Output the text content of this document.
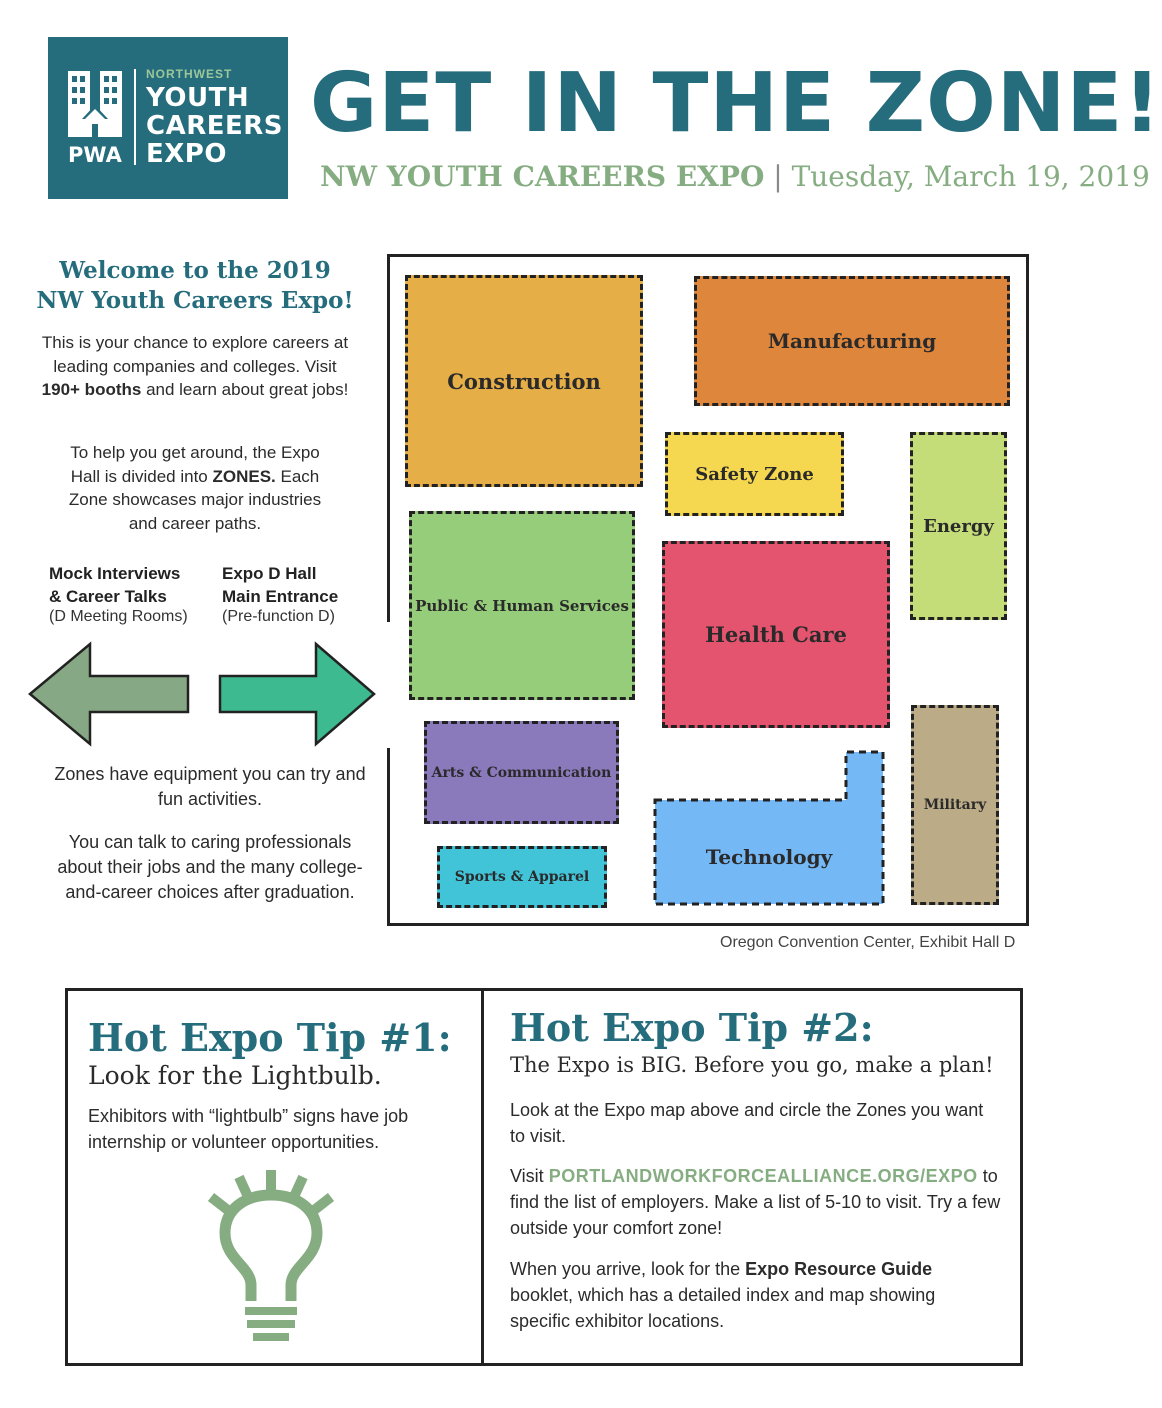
PWA
NORTHWEST
YOUTH
CAREERS
EXPO
GET IN THE ZONE!
NW YOUTH CAREERS EXPO | Tuesday, March 19, 2019
Welcome to the 2019
NW Youth Careers Expo!
This is your chance to explore careers at leading companies and colleges. Visit 190+ booths and learn about great jobs!
To help you get around, the Expo Hall is divided into ZONES. Each Zone showcases major industries and career paths.
Mock Interviews
& Career Talks
(D Meeting Rooms)
Expo D Hall
Main Entrance
(Pre-function D)
Zones have equipment you can try and fun activities.
You can talk to caring professionals about their jobs and the many college-and-career choices after graduation.
Construction
Manufacturing
Safety Zone
Energy
Public & Human Services
Health Care
Arts & Communication
Military
Technology
Sports & Apparel
Oregon Convention Center, Exhibit Hall D
Hot Expo Tip #1:
Look for the Lightbulb.
Exhibitors with “lightbulb” signs have job internship or volunteer opportunities.
Hot Expo Tip #2:
The Expo is BIG. Before you go, make a plan!
Look at the Expo map above and circle the Zones you want to visit.
Visit PORTLANDWORKFORCEALLIANCE.ORG/EXPO to find the list of employers. Make a list of 5-10 to visit. Try a few outside your comfort zone!
When you arrive, look for the Expo Resource Guide booklet, which has a detailed index and map showing specific exhibitor locations.
